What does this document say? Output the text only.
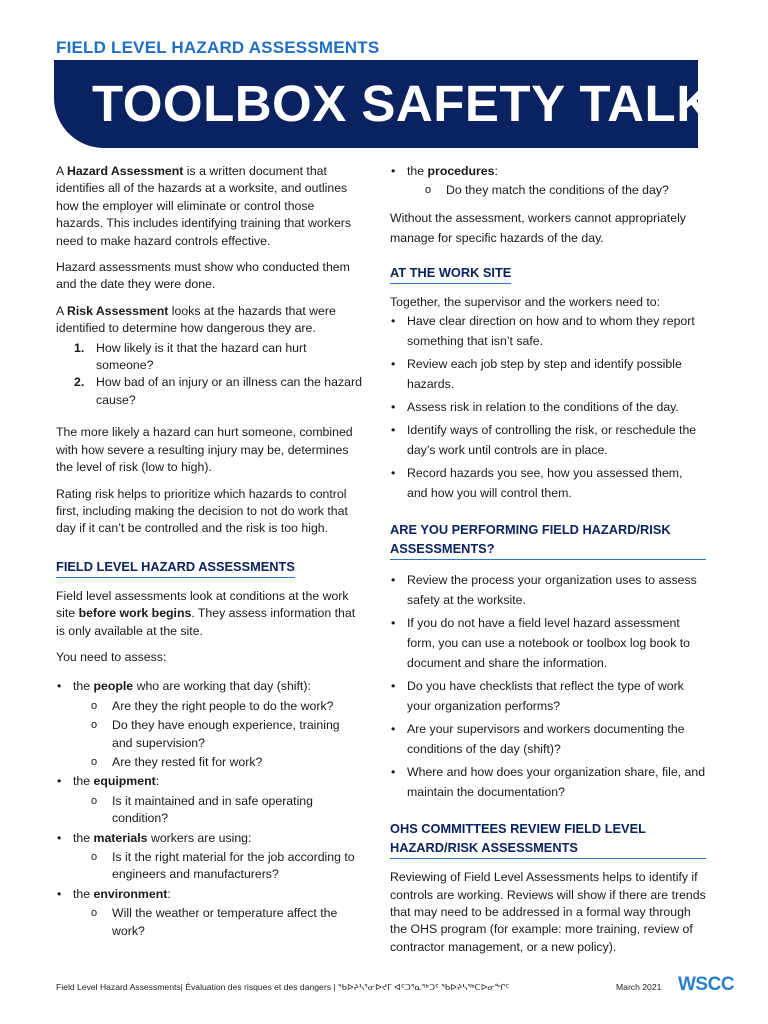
FIELD LEVEL HAZARD ASSESSMENTS
TOOLBOX SAFETY TALK

A Hazard Assessment is a written document that identifies all of the hazards at a worksite, and outlines how the employer will eliminate or control those hazards. This includes identifying training that workers need to make hazard controls effective.

Hazard assessments must show who conducted them and the date they were done.

A Risk Assessment looks at the hazards that were identified to determine how dangerous they are.

1. How likely is it that the hazard can hurt someone?
2. How bad of an injury or an illness can the hazard cause?

The more likely a hazard can hurt someone, combined with how severe a resulting injury may be, determines the level of risk (low to high).

Rating risk helps to prioritize which hazards to control first, including making the decision to not do work that day if it can’t be controlled and the risk is too high.

FIELD LEVEL HAZARD ASSESSMENTS

Field level assessments look at conditions at the work site before work begins. They assess information that is only available at the site.

You need to assess:

• the people who are working that day (shift):
o Are they the right people to do the work?
o Do they have enough experience, training and supervision?
o Are they rested fit for work?
• the equipment:
o Is it maintained and in safe operating condition?
• the materials workers are using:
o Is it the right material for the job according to engineers and manufacturers?
• the environment:
o Will the weather or temperature affect the work?
• the procedures:
o Do they match the conditions of the day?

Without the assessment, workers cannot appropriately manage for specific hazards of the day.

AT THE WORK SITE

Together, the supervisor and the workers need to:

• Have clear direction on how and to whom they report something that isn’t safe.
• Review each job step by step and identify possible hazards.
• Assess risk in relation to the conditions of the day.
• Identify ways of controlling the risk, or reschedule the day’s work until controls are in place.
• Record hazards you see, how you assessed them, and how you will control them.
ARE YOU PERFORMING FIELD HAZARD/RISK ASSESSMENTS?
• Review the process your organization uses to assess safety at the worksite.
• If you do not have a field level hazard assessment form, you can use a notebook or toolbox log book to document and share the information.
• Do you have checklists that reflect the type of work your organization performs?
• Are your supervisors and workers documenting the conditions of the day (shift)?
• Where and how does your organization share, file, and maintain the documentation?
OHS COMMITTEES REVIEW FIELD LEVEL HAZARD/RISK ASSESSMENTS

Reviewing of Field Level Assessments helps to identify if controls are working. Reviews will show if there are trends that may need to be addressed in a formal way through the OHS program (for example: more training, review of contractor management, or a new policy).

Field Level Hazard Assessments| Évaluation des risques et des dangers | ᖃᐅᔨᓴᕐᓂᐅᔪᒥ ᐊᑦᑐᕐᓇᖅᑐᑦ ᖃᐅᔨᓴᖅᑕᐅᓂᖏᑦ	March 2021 WSCC
